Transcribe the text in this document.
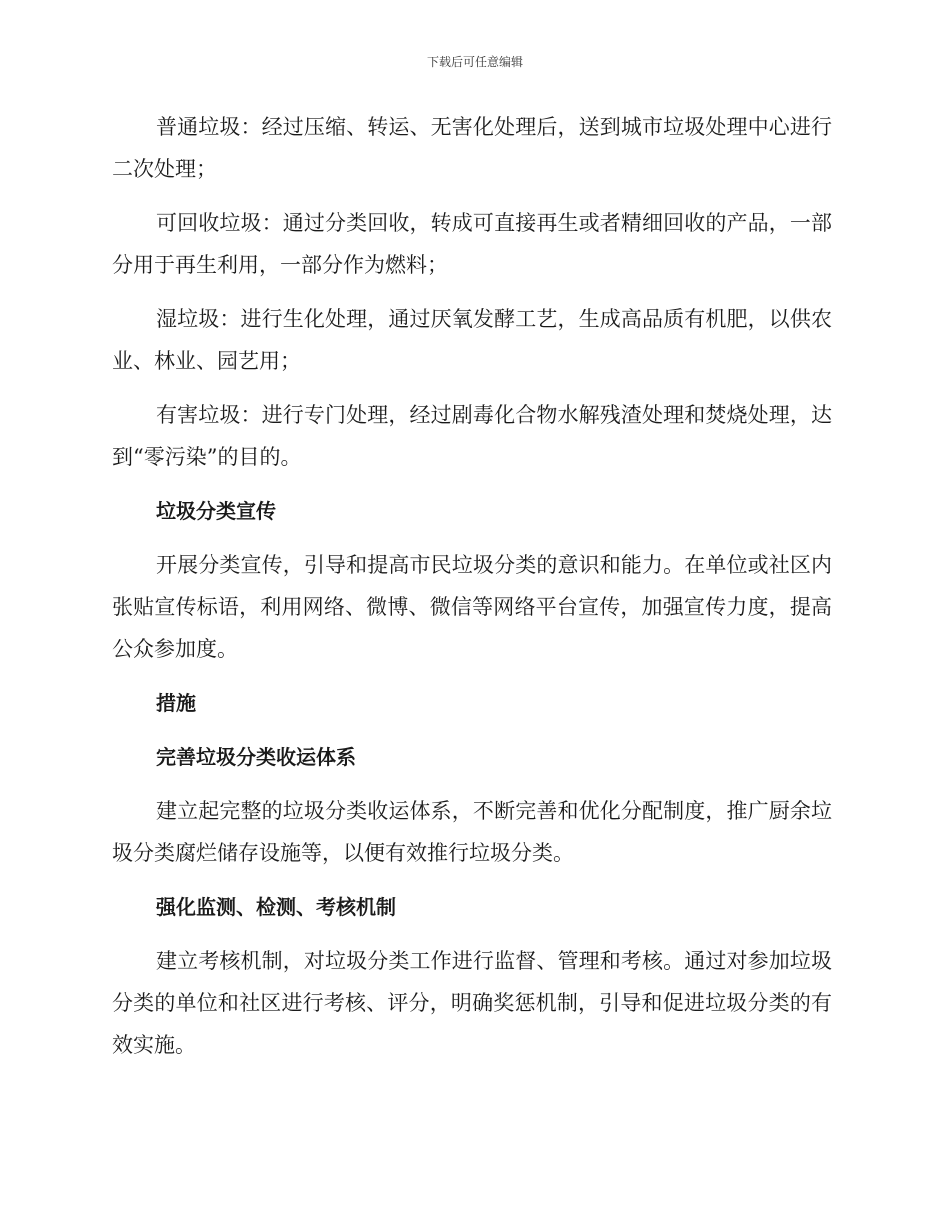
下载后可任意编辑

普通垃圾：经过压缩、转运、无害化处理后，送到城市垃圾处理中心进行二次处理；

可回收垃圾：通过分类回收，转成可直接再生或者精细回收的产品，一部分用于再生利用，一部分作为燃料；

湿垃圾：进行生化处理，通过厌氧发酵工艺，生成高品质有机肥，以供农业、林业、园艺用；

有害垃圾：进行专门处理，经过剧毒化合物水解残渣处理和焚烧处理，达到“零污染”的目的。

垃圾分类宣传

开展分类宣传，引导和提高市民垃圾分类的意识和能力。在单位或社区内张贴宣传标语，利用网络、微博、微信等网络平台宣传，加强宣传力度，提高公众参加度。

措施
完善垃圾分类收运体系

建立起完整的垃圾分类收运体系，不断完善和优化分配制度，推广厨余垃圾分类腐烂储存设施等，以便有效推行垃圾分类。

强化监测、检测、考核机制

建立考核机制，对垃圾分类工作进行监督、管理和考核。通过对参加垃圾分类的单位和社区进行考核、评分，明确奖惩机制，引导和促进垃圾分类的有效实施。
